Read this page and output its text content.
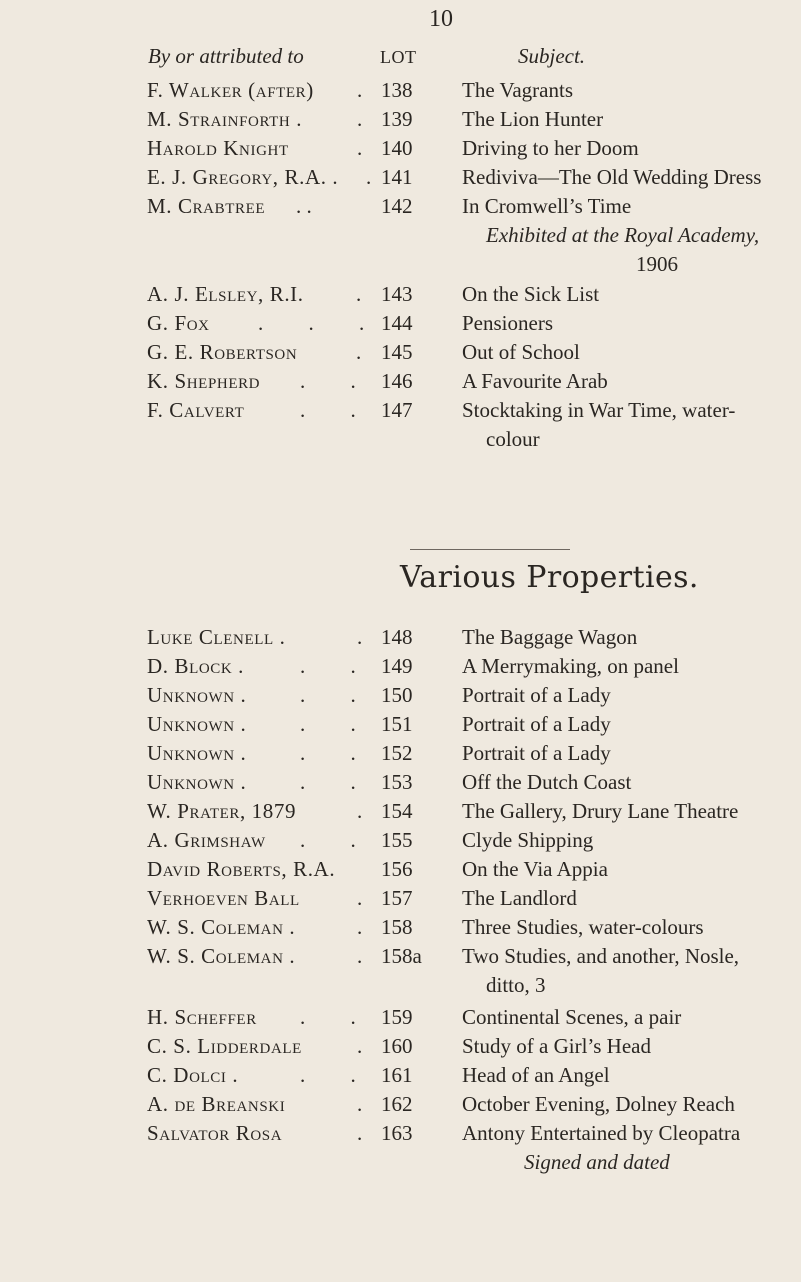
10
By or attributed to	LOT	Subject.
F. Walker (after) . 138	The Vagrants
M. Strainforth .	. 139	The Lion Hunter
Harold Knight	. 140	Driving to her Doom
E. J. Gregory, R.A. . . 141	Rediviva—The Old Wedding Dress
M. Crabtree . .	142	In Cromwell’s Time
Exhibited at the Royal Academy,
1906
A. J. Elsley, R.I. . 143	On the Sick List
G. Fox . . . 144	Pensioners
G. E. Robertson	. 145	Out of School
K. Shepherd . . 146	A Favourite Arab
F. Calvert	. . 147	Stocktaking in War Time, water-
colour
Various Properties.
Luke Clenell .	. 148	The Baggage Wagon
D. Block .	. . 149	A Merrymaking, on panel
Unknown .	. . 150	Portrait of a Lady
Unknown .	. . 151	Portrait of a Lady
Unknown .	. . 152	Portrait of a Lady
Unknown .	. . 153	Off the Dutch Coast
W. Prater, 1879	. 154	The Gallery, Drury Lane Theatre
A. Grimshaw . . 155	Clyde Shipping
David Roberts, R.A. 156	On the Via Appia
Verhoeven Ball	. 157	The Landlord
W. S. Coleman .	. 158	Three Studies, water-colours
W. S. Coleman .	. 158a	Two Studies, and another, Nosle,
ditto, 3
H. Scheffer . . 159	Continental Scenes, a pair
C. S. Lidderdale	. 160	Study of a Girl’s Head
C. Dolci .	. . 161	Head of an Angel
A. de Breanski	. 162	October Evening, Dolney Reach
Salvator Rosa	. 163	Antony Entertained by Cleopatra
Signed and dated
